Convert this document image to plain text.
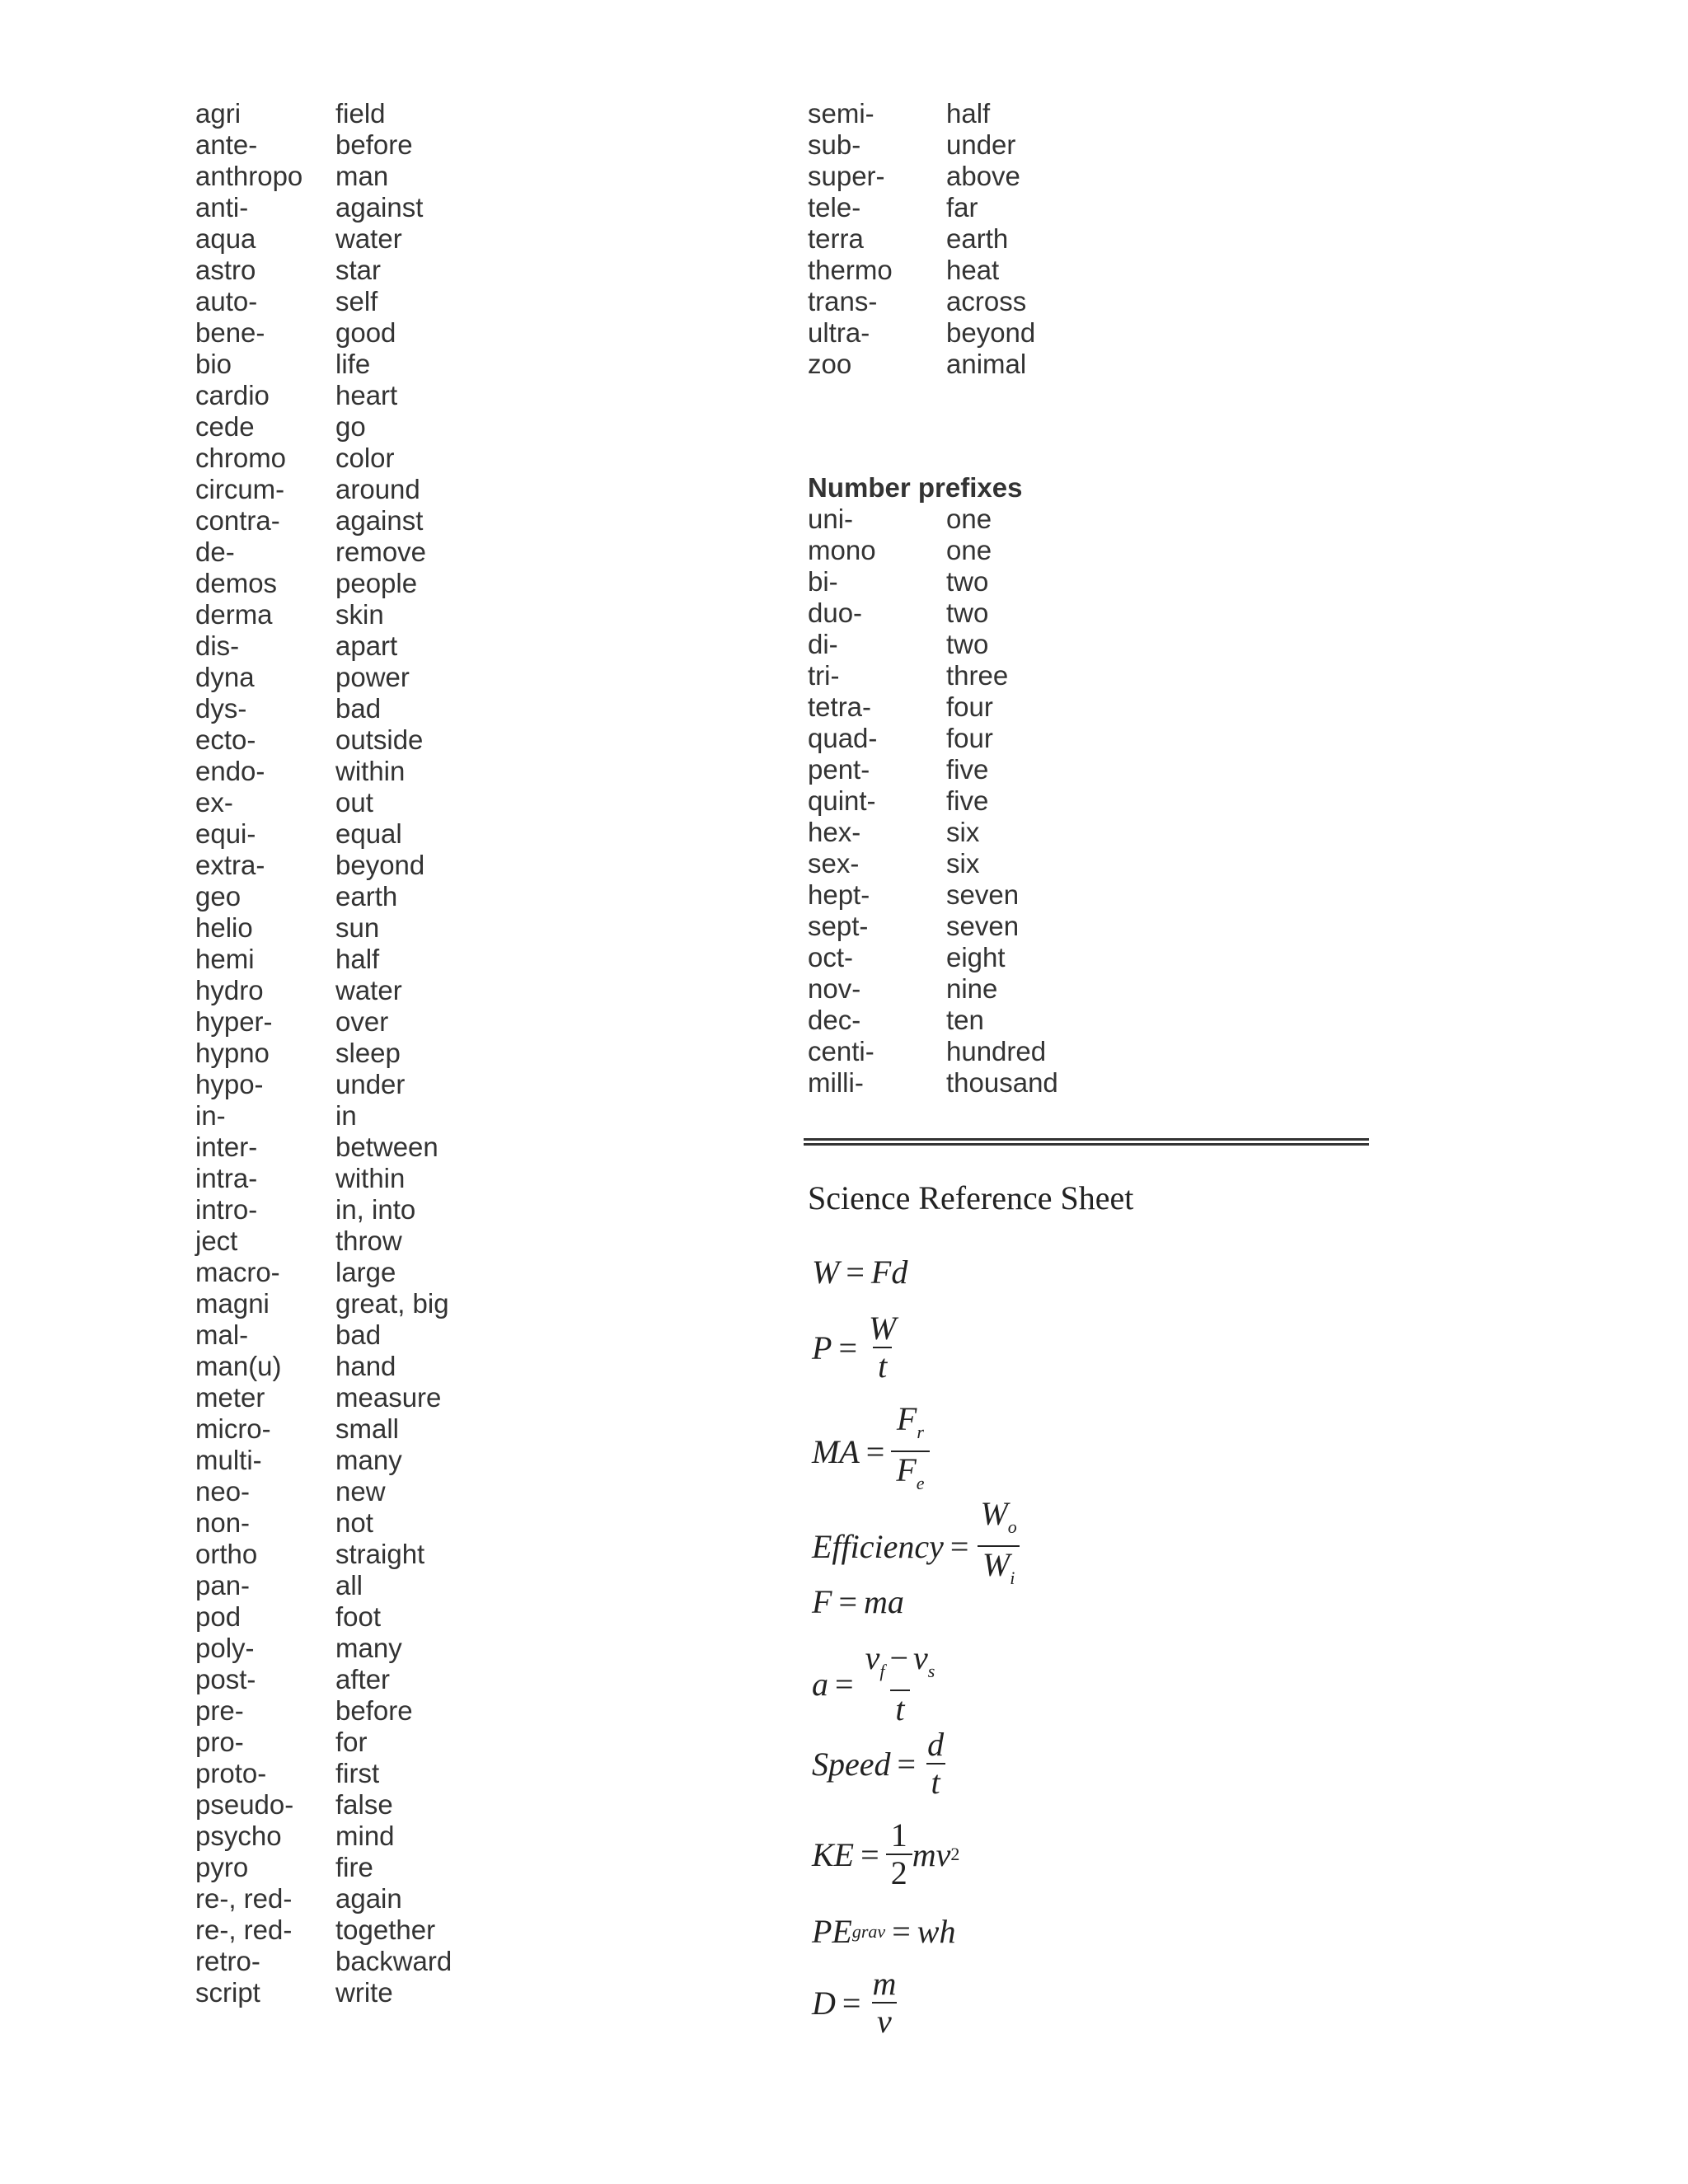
agri	field
ante-	before
anthropo man
anti-	against
aqua	water
astro	star
auto-	self
bene-	good
bio	life
cardio heart
cede	go
chromo color
circum- around
contra- against
de-	remove
demos people
derma skin
dis-	apart
dyna	power
dys-	bad
ecto-	outside
endo-	within
ex-	out
equi-	equal
extra-	beyond
geo	earth
helio	sun
hemi	half
hydro	water
hyper- over
hypno sleep
hypo-	under
in-	in
inter-	between
intra-	within
intro-	in, into
ject	throw
macro- large
magni great, big
mal-	bad
man(u) hand
meter	measure
micro- small
multi-	many
neo-	new
non-	not
ortho	straight
pan-	all
pod	foot
poly-	many
post-	after
pre-	before
pro-	for
proto-	first
pseudo- false
psycho mind
pyro	fire
re-, red- again
re-, red- together
retro-	backward
script	write
semi-	half
sub-	under
super- above
tele-	far
terra	earth
thermo heat
trans-	across
ultra-	beyond
zoo	animal
Number prefixes
uni-	one
mono	one
bi-	two
duo-	two
di-	two
tri-	three
tetra-	four
quad-	four
pent-	five
quint-	five
hex-	six
sex-	six
hept-	seven
sept-	seven
oct-	eight
nov-	nine
dec-	ten
centi-	hundred
milli-	thousand
Science Reference Sheet
W = Fd
$P = \frac{W}{t}$
MA = $\frac{F_r}{F_e}$
Efficiency = $\frac{W_o}{W_i}$
F = ma
$a = \frac{v_f - v_s}{t}$
Speed = $\frac{d}{t}$
KE = $\frac{1}{2}$ mv 2
PE grav = wh
$D = \frac{m}{v}$
